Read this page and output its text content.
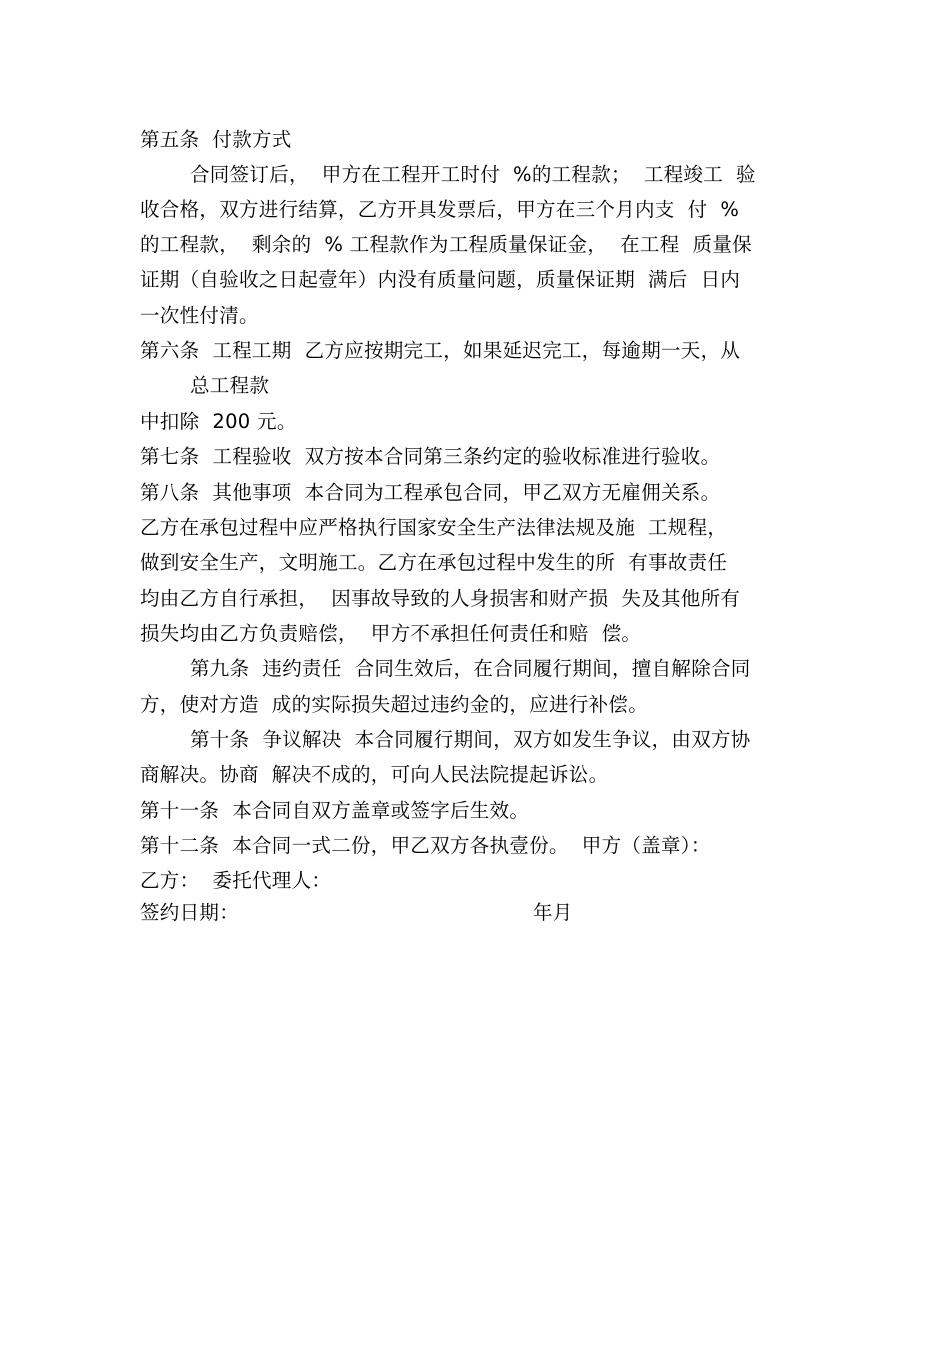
第五条  付款方式
合同签订后，  甲方在工程开工时付  %的工程款；  工程竣工  验
收合格，双方进行结算，乙方开具发票后，甲方在三个月内支  付  %
的工程款，  剩余的  % 工程款作为工程质量保证金，  在工程  质量保
证期（自验收之日起壹年）内没有质量问题，质量保证期  满后  日内
一次性付清。
第六条  工程工期  乙方应按期完工，如果延迟完工，每逾期一天，从
总工程款
中扣除  200 元。
第七条  工程验收  双方按本合同第三条约定的验收标准进行验收。
第八条  其他事项  本合同为工程承包合同，甲乙双方无雇佣关系。
乙方在承包过程中应严格执行国家安全生产法律法规及施  工规程，
做到安全生产，文明施工。乙方在承包过程中发生的所  有事故责任
均由乙方自行承担，  因事故导致的人身损害和财产损  失及其他所有
损失均由乙方负责赔偿，  甲方不承担任何责任和赔  偿。
第九条  违约责任  合同生效后，在合同履行期间，擅自解除合同
方，使对方造  成的实际损失超过违约金的，应进行补偿。
第十条  争议解决  本合同履行期间，双方如发生争议，由双方协
商解决。协商  解决不成的，可向人民法院提起诉讼。
第十一条  本合同自双方盖章或签字后生效。
第十二条  本合同一式二份，甲乙双方各执壹份。  甲方（盖章）：
乙方：  委托代理人：
签约日期：	年月
